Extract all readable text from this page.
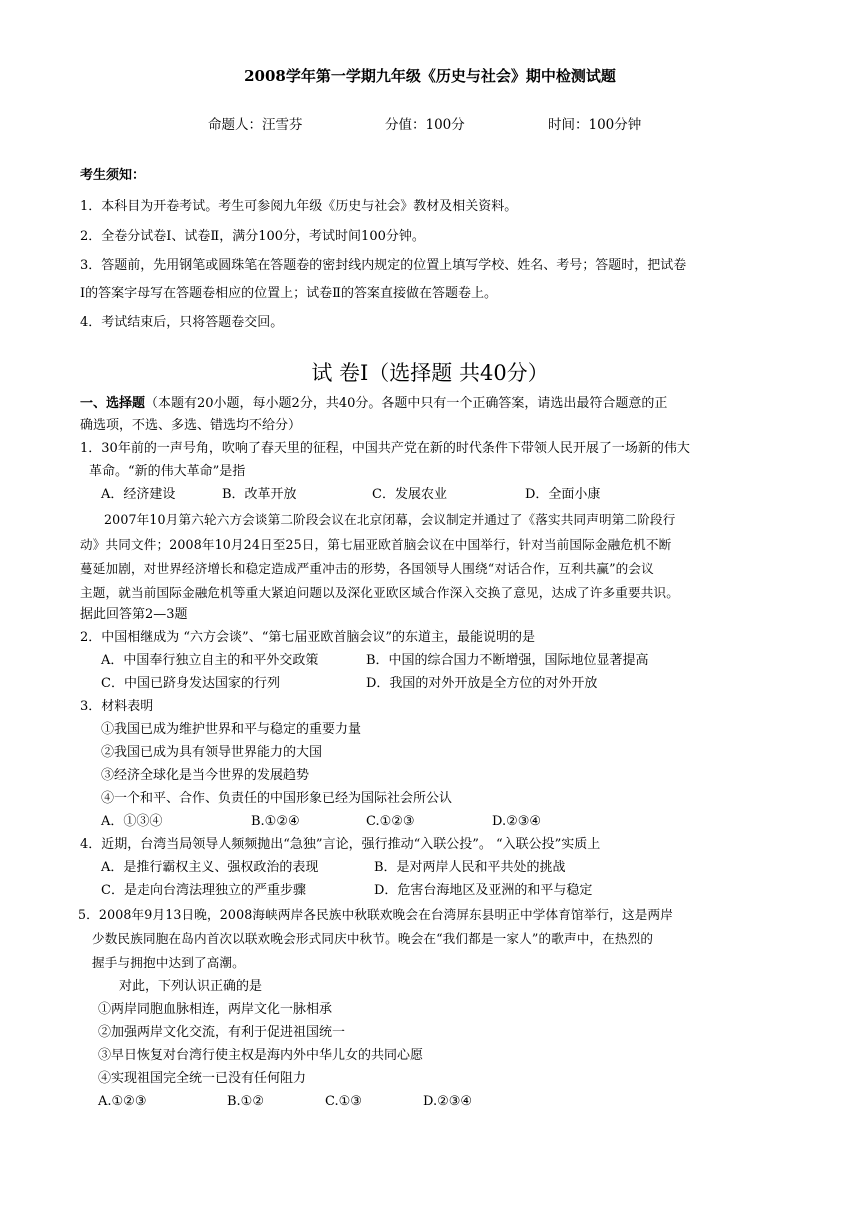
2008学年第一学期九年级《历史与社会》期中检测试题
命题人：汪雪芬	分值：100分	时间：100分钟
考生须知：
1．本科目为开卷考试。考生可参阅九年级《历史与社会》教材及相关资料。
2．全卷分试卷Ⅰ、试卷Ⅱ，满分100分，考试时间100分钟。
3．答题前，先用钢笔或圆珠笔在答题卷的密封线内规定的位置上填写学校、姓名、考号；答题时，把试卷
Ⅰ的答案字母写在答题卷相应的位置上；试卷Ⅱ的答案直接做在答题卷上。
4．考试结束后，只将答题卷交回。
试 卷Ⅰ（选择题 共40分）
一、选择题（本题有20小题，每小题2分，共40分。各题中只有一个正确答案，请选出最符合题意的正
确选项，不选、多选、错选均不给分）
1．30年前的一声号角，吹响了春天里的征程，中国共产党在新的时代条件下带领人民开展了一场新的伟大
革命。“新的伟大革命”是指
A．经济建设	B．改革开放	C．发展农业	D．全面小康
2007年10月第六轮六方会谈第二阶段会议在北京闭幕，会议制定并通过了《落实共同声明第二阶段行
动》共同文件；2008年10月24日至25日，第七届亚欧首脑会议在中国举行，针对当前国际金融危机不断
蔓延加剧，对世界经济增长和稳定造成严重冲击的形势，各国领导人围绕“对话合作，互利共赢”的会议
主题，就当前国际金融危机等重大紧迫问题以及深化亚欧区域合作深入交换了意见，达成了许多重要共识。
据此回答第2—3题
2．中国相继成为 “六方会谈”、“第七届亚欧首脑会议”的东道主，最能说明的是
A．中国奉行独立自主的和平外交政策	B．中国的综合国力不断增强，国际地位显著提高
C．中国已跻身发达国家的行列	D．我国的对外开放是全方位的对外开放
3．材料表明
①我国已成为维护世界和平与稳定的重要力量
②我国已成为具有领导世界能力的大国
③经济全球化是当今世界的发展趋势
④一个和平、合作、负责任的中国形象已经为国际社会所公认
A．①③④	B.①②④	C.①②③	D.②③④
4．近期，台湾当局领导人频频抛出“急独”言论，强行推动“入联公投”。 “入联公投”实质上
A．是推行霸权主义、强权政治的表现	B．是对两岸人民和平共处的挑战
C．是走向台湾法理独立的严重步骤	D．危害台海地区及亚洲的和平与稳定
5．2008年9月13日晚，2008海峡两岸各民族中秋联欢晚会在台湾屏东县明正中学体育馆举行，这是两岸
少数民族同胞在岛内首次以联欢晚会形式同庆中秋节。晚会在“我们都是一家人”的歌声中，在热烈的
握手与拥抱中达到了高潮。
对此，下列认识正确的是
①两岸同胞血脉相连，两岸文化一脉相承
②加强两岸文化交流，有利于促进祖国统一
③早日恢复对台湾行使主权是海内外中华儿女的共同心愿
④实现祖国完全统一已没有任何阻力
A.①②③	B.①②	C.①③	D.②③④
